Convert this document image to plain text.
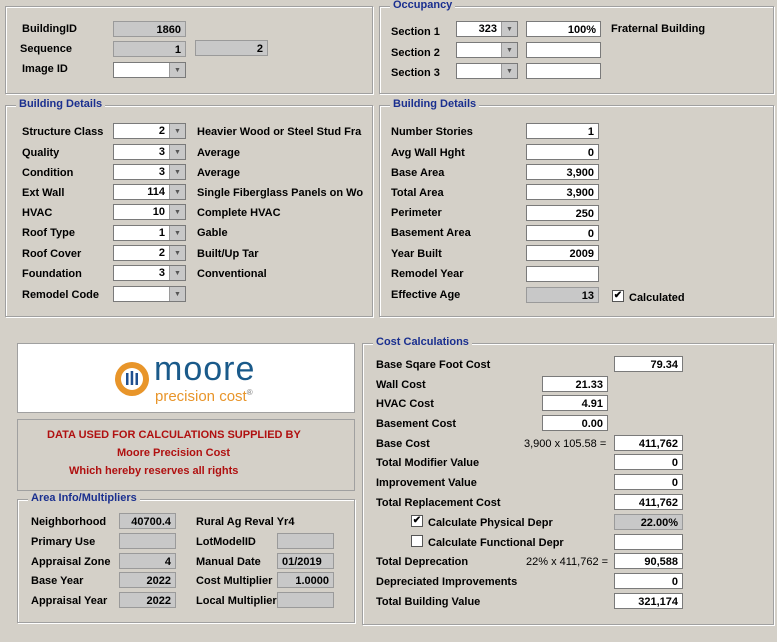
BuildingID	1860
Sequence	1	2
Image ID	▼
Occupancy
Section 1	323	▼	100%	Fraternal Building
Section 2	▼
Section 3	▼
Building Details
Structure Class	2	▼ Heavier Wood or Steel Stud Fra
Quality	3	▼ Average
Condition	3	▼ Average
Ext Wall	114	▼ Single Fiberglass Panels on Wo
HVAC	10	▼ Complete HVAC
Roof Type	1	▼ Gable
Roof Cover	2	▼ Built/Up Tar
Foundation	3	▼ Conventional
Remodel Code	▼
Building Details
Number Stories	1
Avg Wall Hght	0
Base Area	3,900
Total Area	3,900
Perimeter	250
Basement Area	0
Year Built	2009
Remodel Year
Effective Age	13	✔ Calculated
moore
precision cost®
DATA USED FOR CALCULATIONS SUPPLIED BY
Moore Precision Cost
Which hereby reserves all rights
Area Info/Multipliers
Neighborhood	40700.4
Primary Use
Appraisal Zone	4
Base Year	2022
Appraisal Year	2022
Rural Ag Reval Yr4
LotModelID
Manual Date	01/2019
Cost Multiplier	1.0000
Local Multiplier
Cost Calculations
Base Sqare Foot Cost	79.34
Wall Cost	21.33
HVAC Cost	4.91
Basement Cost	0.00
Base Cost	3,900 x 105.58 =	411,762
Total Modifier Value	0
Improvement Value	0
Total Replacement Cost	411,762
✔ Calculate Physical Depr	22.00%
Calculate Functional Depr
Total Deprecation	22% x 411,762 =	90,588
Depreciated Improvements	0
Total Building Value	321,174
